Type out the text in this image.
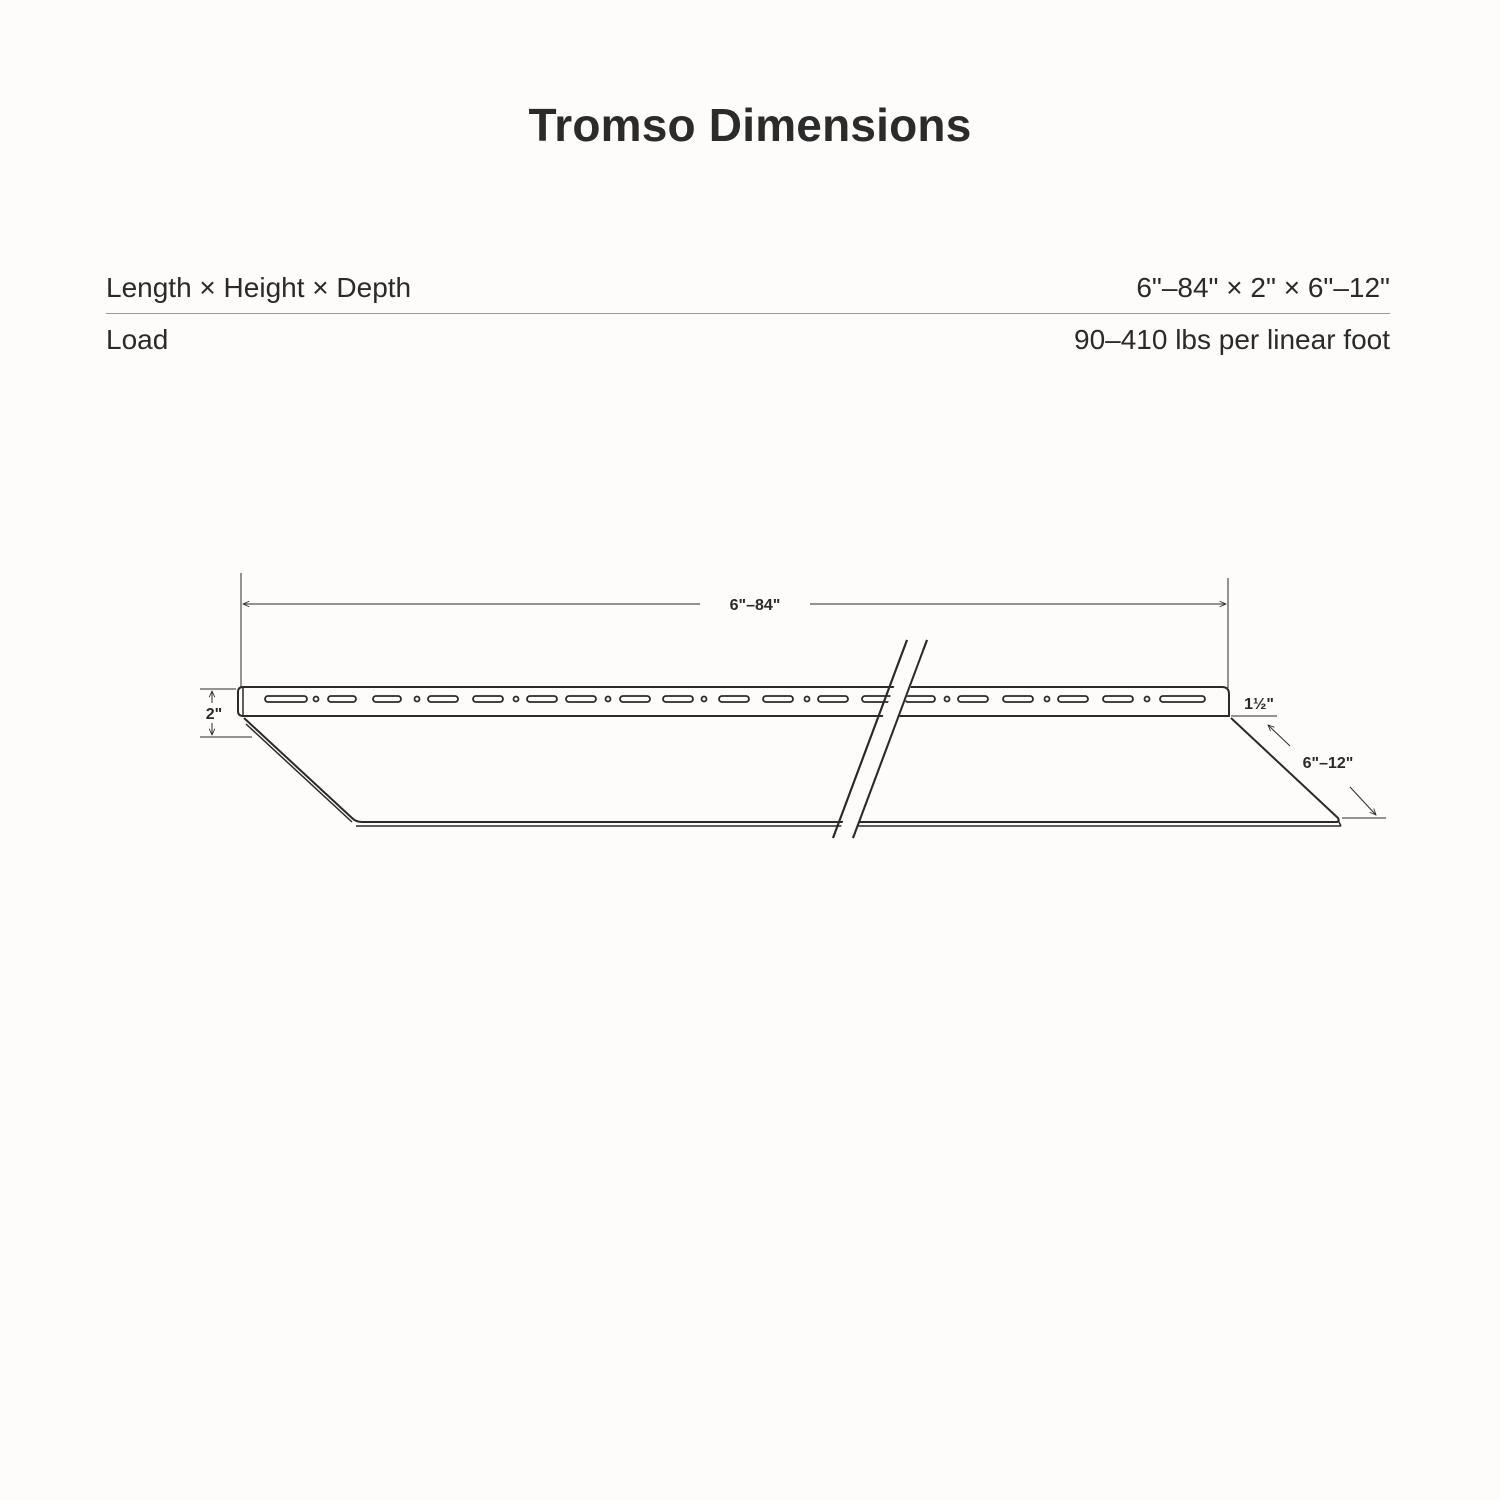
Tromso Dimensions
Length × Height × Depth	6"–84" × 2" × 6"–12"
Load	90–410 lbs per linear foot
6"–84"
2"
1½"
6"–12"
